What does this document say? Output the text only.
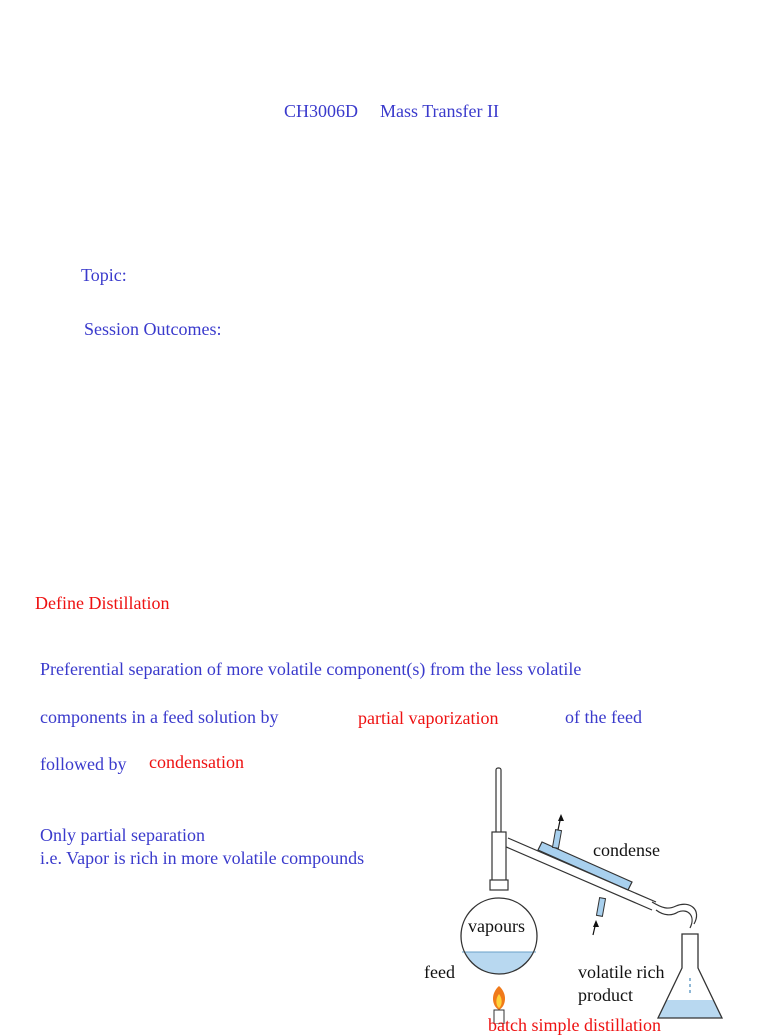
CH3006D Mass Transfer II
Topic:
Session Outcomes:
Define Distillation
Preferential separation of more volatile component(s) from the less volatile
components in a feed solution by	partial vaporization	of the feed
followed by condensation
Only partial separation
i.e. Vapor is rich in more volatile compounds	condense
vapours
feed	volatile rich
product
batch simple distillation
